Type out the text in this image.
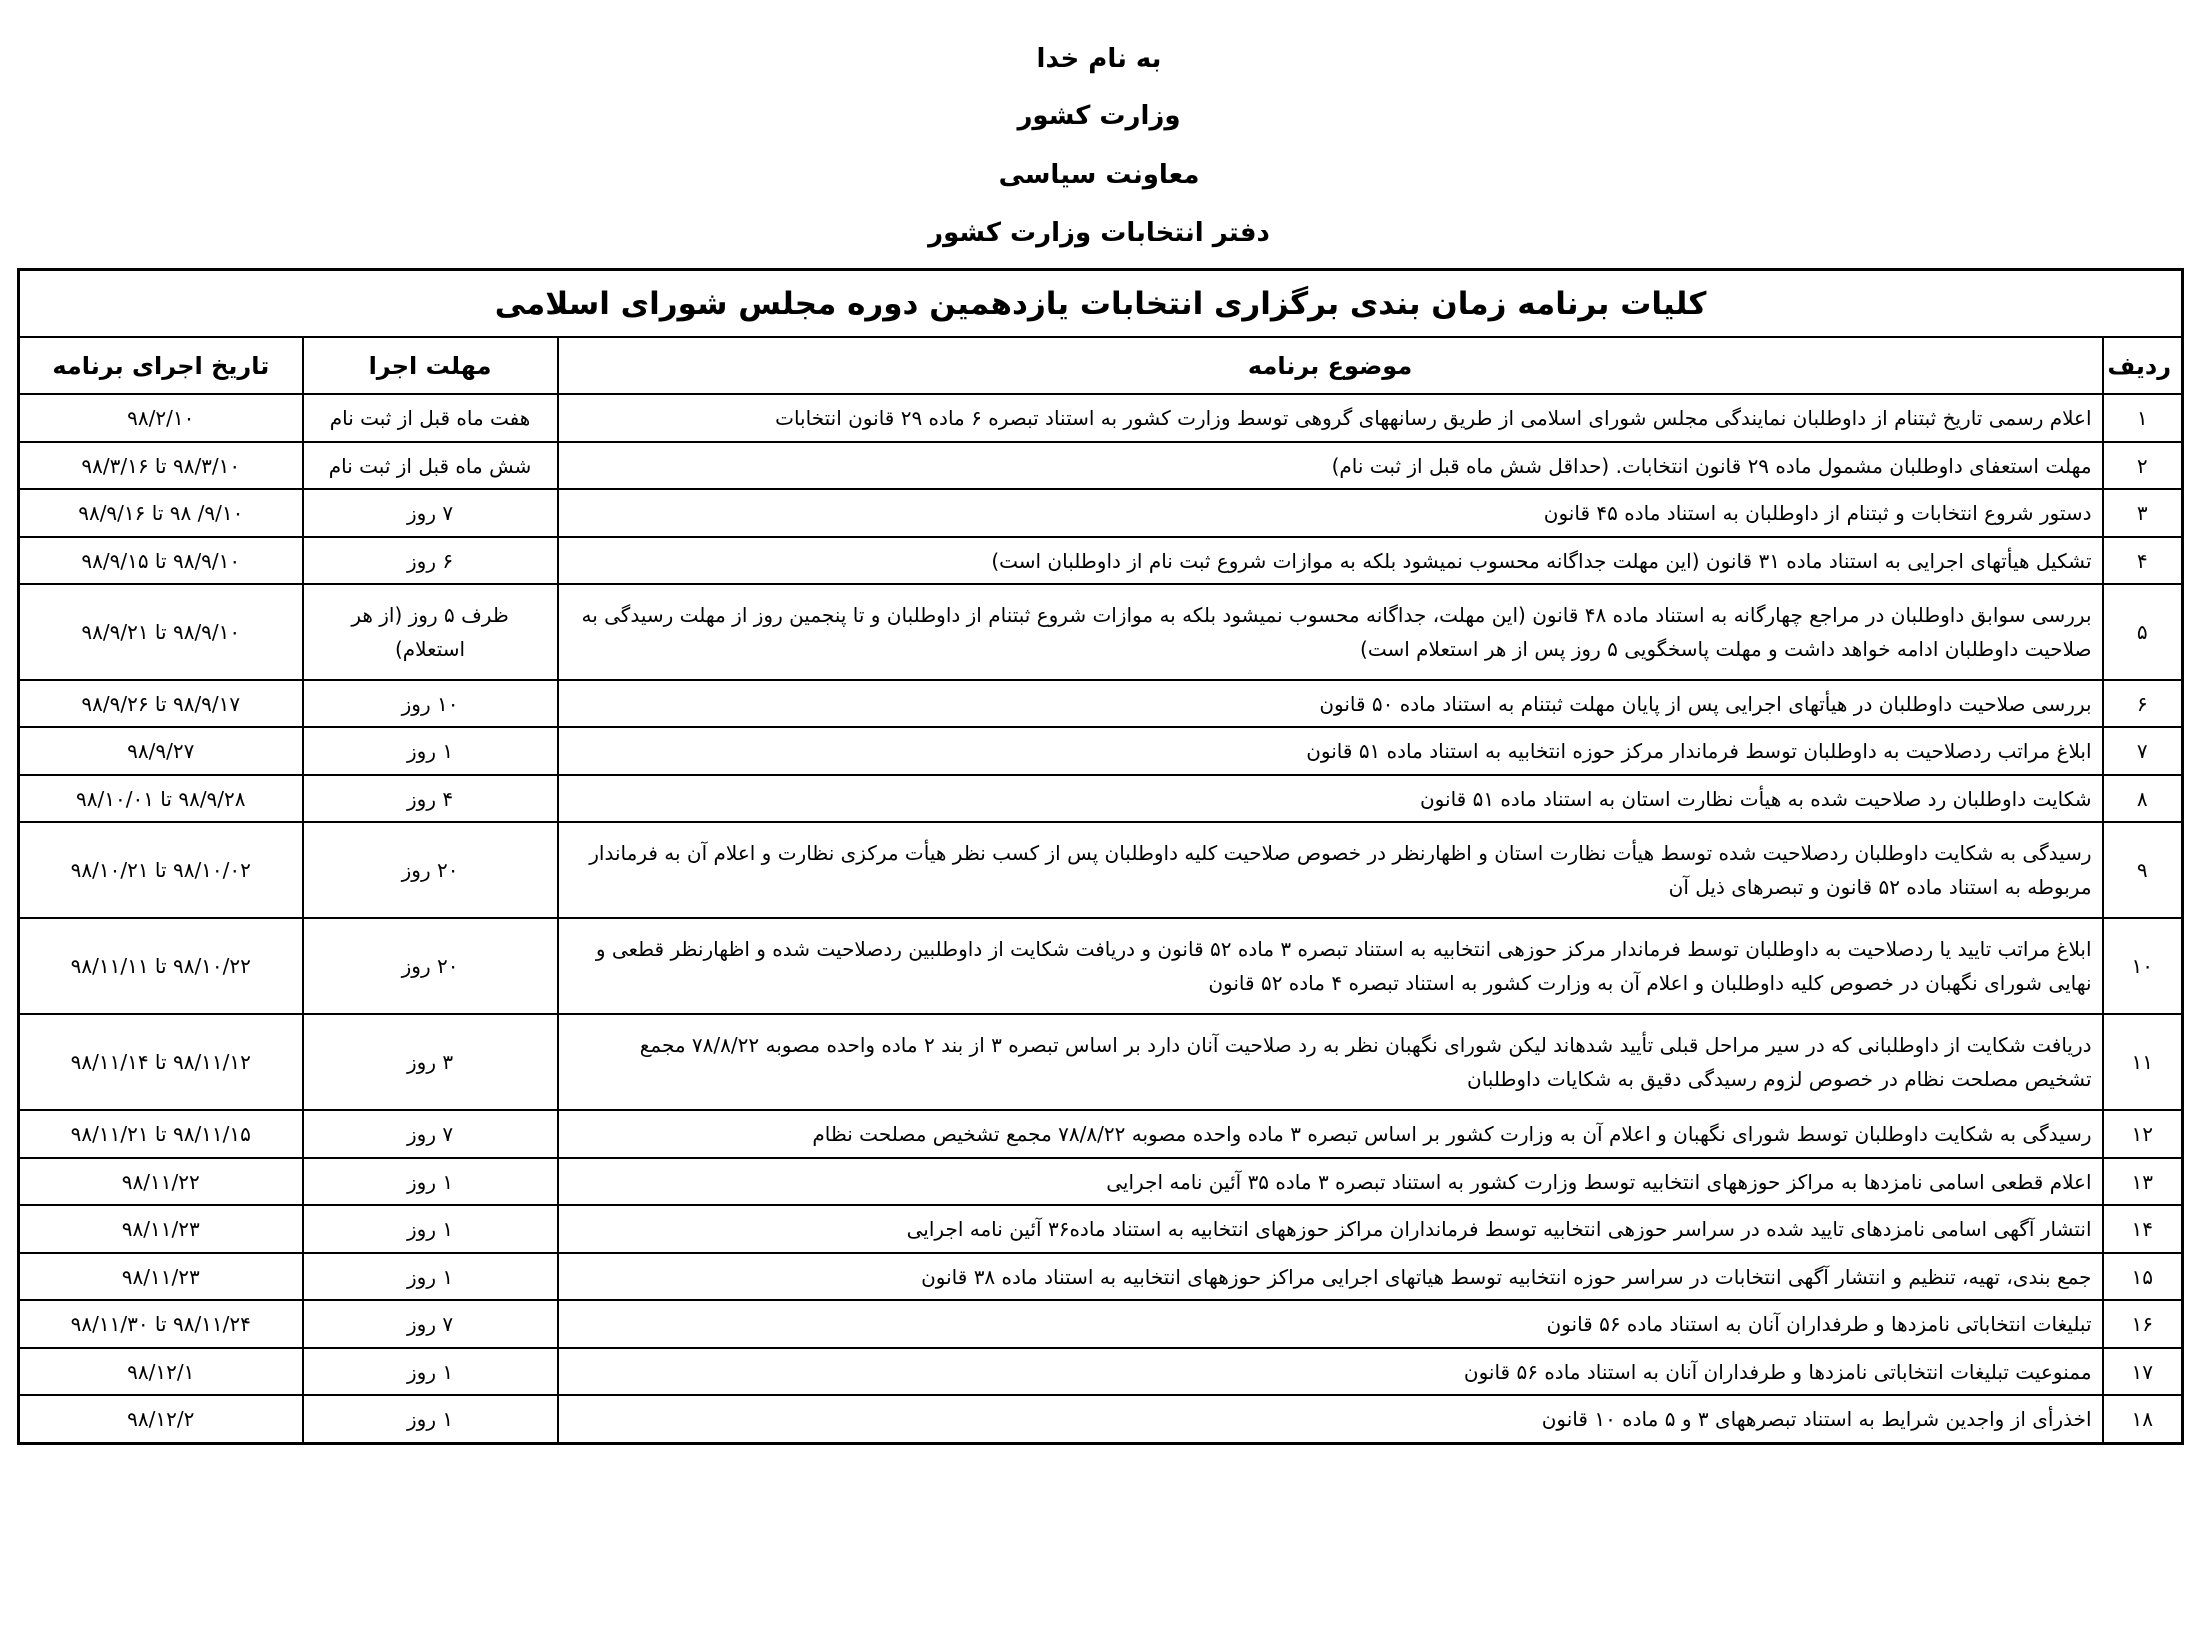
به نام خدا
وزارت کشور
معاونت سیاسی
دفتر انتخابات وزارت کشور
کلیات برنامه زمان بندی برگزاری انتخابات یازدهمین دوره مجلس شورای اسلامی			
ردیف	موضوع برنامه	مهلت اجرا	تاریخ اجرای برنامه
۱	اعلام رسمی تاریخ ثبتنام از داوطلبان نمایندگی مجلس شورای اسلامی از طریق رسانههای گروهی توسط وزارت کشور به استناد تبصره ۶ ماده ۲۹ قانون انتخابات	هفت ماه قبل از ثبت نام	۹۸/۲/۱۰
۲	مهلت استعفای داوطلبان مشمول ماده ۲۹ قانون انتخابات. (حداقل شش ماه قبل از ثبت نام)	شش ماه قبل از ثبت نام	۹۸/۳/۱۰ تا ۹۸/۳/۱۶
۳	دستور شروع انتخابات و ثبتنام از داوطلبان به استناد ماده ۴۵ قانون	۷ روز	۹/۱۰/ ۹۸ تا ۹۸/۹/۱۶
۴	تشکیل هیأتهای اجرایی به استناد ماده ۳۱ قانون (این مهلت جداگانه محسوب نمیشود بلکه به موازات شروع ثبت نام از داوطلبان است)	۶ روز	۹۸/۹/۱۰ تا ۹۸/۹/۱۵
۵	بررسی سوابق داوطلبان در مراجع چهارگانه به استناد ماده ۴۸ قانون (این مهلت، جداگانه محسوب نمیشود بلکه به موازات شروع ثبتنام از داوطلبان و تا پنجمین روز از مهلت رسیدگی به صلاحیت داوطلبان ادامه خواهد داشت و مهلت پاسخگویی ۵ روز پس از هر استعلام است)	ظرف ۵ روز (از هر استعلام)	۹۸/۹/۱۰ تا ۹۸/۹/۲۱
۶	بررسی صلاحیت داوطلبان در هیأتهای اجرایی پس از پایان مهلت ثبتنام به استناد ماده ۵۰ قانون	۱۰ روز	۹۸/۹/۱۷ تا ۹۸/۹/۲۶
۷	ابلاغ مراتب ردصلاحیت به داوطلبان توسط فرماندار مرکز حوزه انتخابیه به استناد ماده ۵۱ قانون	۱ روز	۹۸/۹/۲۷
۸	شکایت داوطلبان رد صلاحیت شده به هیأت نظارت استان به استناد ماده ۵۱ قانون	۴ روز	۹۸/۹/۲۸ تا ۹۸/۱۰/۰۱
۹	رسیدگی به شکایت داوطلبان ردصلاحیت شده توسط هیأت نظارت استان و اظهارنظر در خصوص صلاحیت کلیه داوطلبان پس از کسب نظر هیأت مرکزی نظارت و اعلام آن به فرماندار مربوطه به استناد ماده ۵۲ قانون و تبصرهای ذیل آن	۲۰ روز	۹۸/۱۰/۰۲ تا ۹۸/۱۰/۲۱
۱۰	ابلاغ مراتب تایید یا ردصلاحیت به داوطلبان توسط فرماندار مرکز حوزهی انتخابیه به استناد تبصره ۳ ماده ۵۲ قانون و دریافت شکایت از داوطلبین ردصلاحیت شده و اظهارنظر قطعی و نهایی شورای نگهبان در خصوص کلیه داوطلبان و اعلام آن به وزارت کشور به استناد تبصره ۴ ماده ۵۲ قانون	۲۰ روز	۹۸/۱۰/۲۲ تا ۹۸/۱۱/۱۱
۱۱	دریافت شکایت از داوطلبانی که در سیر مراحل قبلی تأیید شدهاند لیکن شورای نگهبان نظر به رد صلاحیت آنان دارد بر اساس تبصره ۳ از بند ۲ ماده واحده مصوبه ۷۸/۸/۲۲ مجمع تشخیص مصلحت نظام در خصوص لزوم رسیدگی دقیق به شکایات داوطلبان	۳ روز	۹۸/۱۱/۱۲ تا ۹۸/۱۱/۱۴
۱۲	رسیدگی به شکایت داوطلبان توسط شورای نگهبان و اعلام آن به وزارت کشور بر اساس تبصره ۳ ماده واحده مصوبه ۷۸/۸/۲۲ مجمع تشخیص مصلحت نظام	۷ روز	۹۸/۱۱/۱۵ تا ۹۸/۱۱/۲۱
۱۳	اعلام قطعی اسامی نامزدها به مراکز حوزههای انتخابیه توسط وزارت کشور به استناد تبصره ۳ ماده ۳۵ آئین نامه اجرایی	۱ روز	۹۸/۱۱/۲۲
۱۴	انتشار آگهی اسامی نامزدهای تایید شده در سراسر حوزهی انتخابیه توسط فرمانداران مراکز حوزههای انتخابیه به استناد ماده۳۶ آئین نامه اجرایی	۱ روز	۹۸/۱۱/۲۳
۱۵	جمع بندی، تهیه، تنظیم و انتشار آگهی انتخابات در سراسر حوزه انتخابیه توسط هیاتهای اجرایی مراکز حوزههای انتخابیه به استناد ماده ۳۸ قانون	۱ روز	۹۸/۱۱/۲۳
۱۶	تبلیغات انتخاباتی نامزدها و طرفداران آنان به استناد ماده ۵۶ قانون	۷ روز	۹۸/۱۱/۲۴ تا ۹۸/۱۱/۳۰
۱۷	ممنوعیت تبلیغات انتخاباتی نامزدها و طرفداران آنان به استناد ماده ۵۶ قانون	۱ روز	۹۸/۱۲/۱
۱۸	اخذرأی از واجدین شرایط به استناد تبصرههای ۳ و ۵ ماده ۱۰ قانون	۱ روز	۹۸/۱۲/۲
